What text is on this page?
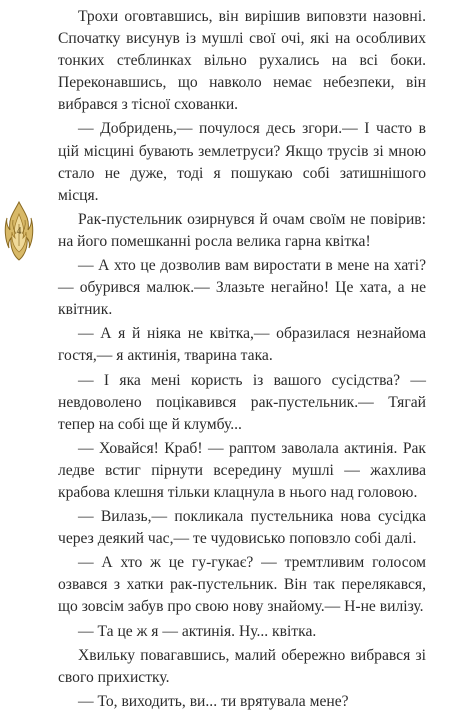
4

Трохи оговтавшись, він вирішив виповзти назовні. Спочатку висунув із мушлі свої очі, які на особливих тонких стеблинках вільно рухались на всі боки. Переконавшись, що навколо немає небезпеки, він вибрався з тісної схованки.

— Добридень,— почулося десь згори.— І часто в цій місцині бувають землетруси? Якщо трусів зі мною стало не дуже, тоді я пошукаю собі затишнішого місця.

Рак-пустельник озирнувся й очам своїм не повірив: на його помешканні росла велика гарна квітка!

— А хто це дозволив вам виростати в мене на хаті? — обурився малюк.— Злазьте негайно! Це хата, а не квітник.

— А я й ніяка не квітка,— образилася незнайома гостя,— я актинія, тварина така.

— І яка мені користь із вашого сусідства? — невдоволено поцікавився рак-пустельник.— Тягай тепер на собі ще й клумбу...

— Ховайся! Краб! — раптом заволала актинія. Рак ледве встиг пірнути всередину мушлі — жахлива крабова клешня тільки клацнула в нього над головою.

— Вилазь,— покликала пустельника нова сусідка через деякий час,— те чудовисько поповзло собі далі.

— А хто ж це гу-гукає? — тремтливим голосом озвався з хатки рак-пустельник. Він так перелякався, що зовсім забув про свою нову знайому.— Н-не вилізу.

— Та це ж я — актинія. Ну... квітка.

Хвильку повагавшись, малий обережно вибрався зі свого прихистку.

— То, виходить, ви... ти врятувала мене?
